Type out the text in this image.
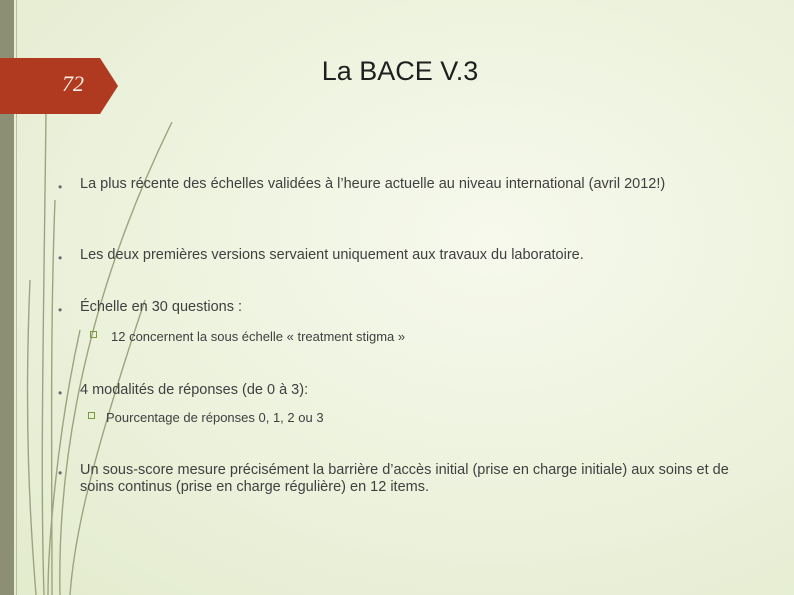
72	La BACE V.3
• La plus récente des échelles validées à l’heure actuelle au niveau international (avril 2012!)
• Les deux premières versions servaient uniquement aux travaux du laboratoire.
• Échelle en 30 questions :
12 concernent la sous échelle « treatment stigma »
• 4 modalités de réponses (de 0 à 3):
Pourcentage de réponses 0, 1, 2 ou 3
• Un sous-score mesure précisément la barrière d’accès initial (prise en charge initiale) aux soins et de soins continus (prise en charge régulière) en 12 items.
